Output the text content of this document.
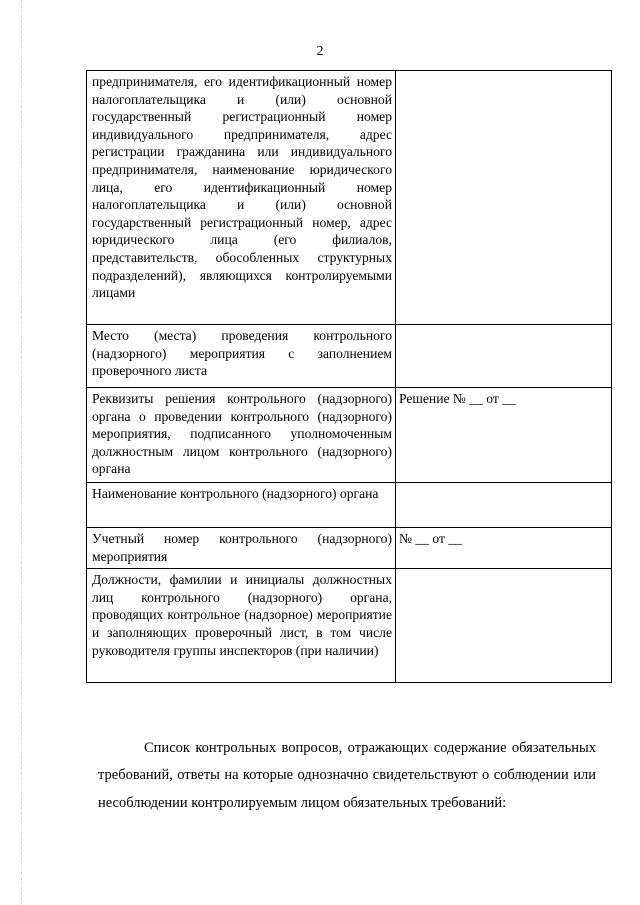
2
предпринимателя, его идентификационный номер налогоплательщика и (или) основной государственный регистрационный номер индивидуального предпринимателя, адрес регистрации гражданина или индивидуального предпринимателя, наименование юридического лица, его идентификационный номер налогоплательщика и (или) основной государственный регистрационный номер, адрес юридического лица (его филиалов, представительств, обособленных структурных подразделений), являющихся контролируемыми лицами	
Место (места) проведения контрольного (надзорного) мероприятия с заполнением проверочного листа	
Реквизиты решения контрольного (надзорного) органа о проведении контрольного (надзорного) мероприятия, подписанного уполномоченным должностным лицом контрольного (надзорного) органа	Решение № __ от __
Наименование контрольного (надзорного) органа	
Учетный номер контрольного (надзорного) мероприятия	№ __ от __
Должности, фамилии и инициалы должностных лиц контрольного (надзорного) органа, проводящих контрольное (надзорное) мероприятие и заполняющих проверочный лист, в том числе руководителя группы инспекторов (при наличии)	

Список контрольных вопросов, отражающих содержание обязательных требований, ответы на которые однозначно свидетельствуют о соблюдении или несоблюдении контролируемым лицом обязательных требований:
